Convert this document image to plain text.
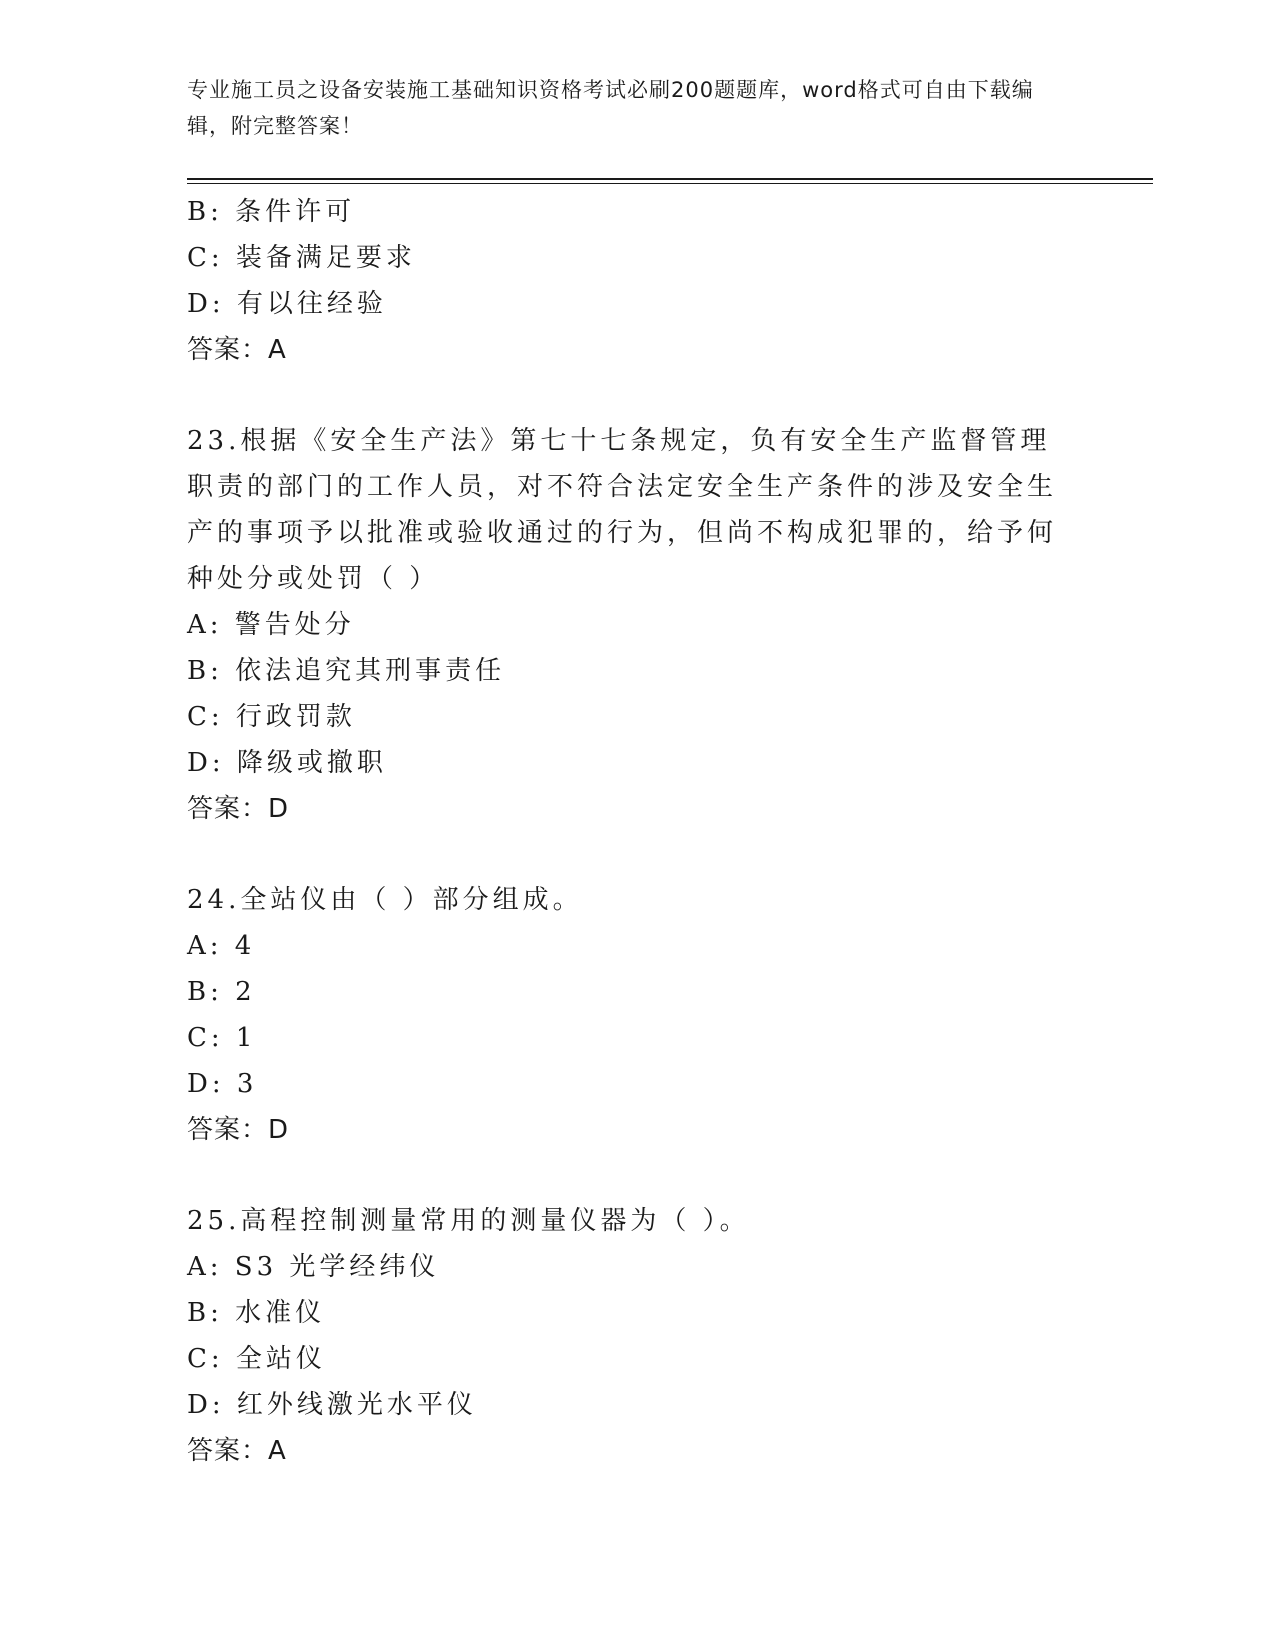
专业施工员之设备安装施工基础知识资格考试必刷200题题库，word格式可自由下载编辑，附完整答案！
B: 条件许可
C: 装备满足要求
D: 有以往经验
答案：A
23.根据《安全生产法》第七十七条规定，负有安全生产监督管理职责的部门的工作人员，对不符合法定安全生产条件的涉及安全生产的事项予以批准或验收通过的行为，但尚不构成犯罪的，给予何种处分或处罚（ ）
A: 警告处分
B: 依法追究其刑事责任
C: 行政罚款
D: 降级或撤职
答案：D
24.全站仪由（ ）部分组成。
A: 4
B: 2
C: 1
D: 3
答案：D
25.高程控制测量常用的测量仪器为（ ）。
A: S3 光学经纬仪
B: 水准仪
C: 全站仪
D: 红外线激光水平仪
答案：A
